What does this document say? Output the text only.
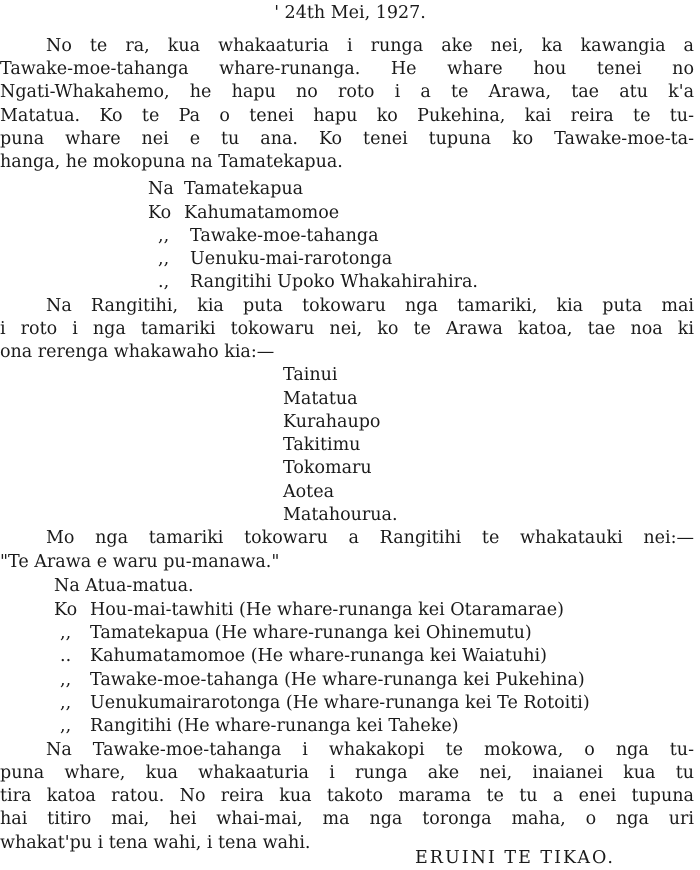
' 24th Mei, 1927.
No te ra, kua whakaaturia i runga ake nei, ka kawangia a
Tawake-moe-tahanga whare-runanga. He whare hou tenei no
Ngati-Whakahemo, he hapu no roto i a te Arawa, tae atu k'a
Matatua. Ko te Pa o tenei hapu ko Pukehina, kai reira te tu-
puna whare nei e tu ana. Ko tenei tupuna ko Tawake-moe-ta-
hanga, he mokopuna na Tamatekapua.
Na Tamatekapua
Ko Kahumatamomoe
,, Tawake-moe-tahanga
,, Uenuku-mai-rarotonga
., Rangitihi Upoko Whakahirahira.
Na Rangitihi, kia puta tokowaru nga tamariki, kia puta mai
i roto i nga tamariki tokowaru nei, ko te Arawa katoa, tae noa ki
ona rerenga whakawaho kia:—
Tainui
Matatua
Kurahaupo
Takitimu
Tokomaru
Aotea
Matahourua.
Mo nga tamariki tokowaru a Rangitihi te whakatauki nei:—
"Te Arawa e waru pu-manawa."
Na Atua-matua.
Ko Hou-mai-tawhiti (He whare-runanga kei Otaramarae)
,, Tamatekapua (He whare-runanga kei Ohinemutu)
.. Kahumatamomoe (He whare-runanga kei Waiatuhi)
,, Tawake-moe-tahanga (He whare-runanga kei Pukehina)
,, Uenukumairarotonga (He whare-runanga kei Te Rotoiti)
,, Rangitihi (He whare-runanga kei Taheke)
Na Tawake-moe-tahanga i whakakopi te mokowa, o nga tu-
puna whare, kua whakaaturia i runga ake nei, inaianei kua tu
tira katoa ratou. No reira kua takoto marama te tu a enei tupuna
hai titiro mai, hei whai-mai, ma nga toronga maha, o nga uri
whakat'pu i tena wahi, i tena wahi.
ERUINI TE TIKAO.
